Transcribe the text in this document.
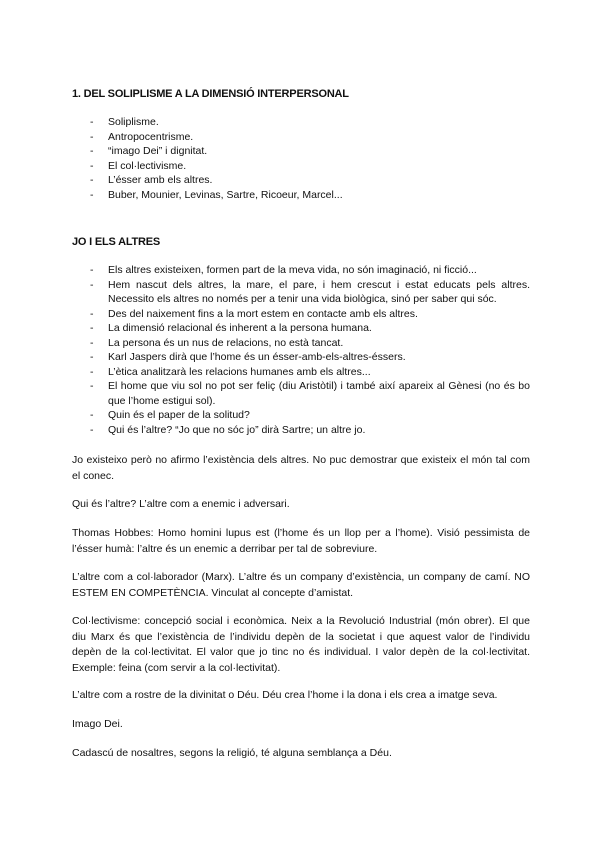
1. DEL SOLIPLISME A LA DIMENSIÓ INTERPERSONAL
- Soliplisme.
- Antropocentrisme.
- “imago Dei” i dignitat.
- El col·lectivisme.
- L’ésser amb els altres.
- Buber, Mounier, Levinas, Sartre, Ricoeur, Marcel...
JO I ELS ALTRES
- Els altres existeixen, formen part de la meva vida, no són imaginació, ni ficció...
- Hem nascut dels altres, la mare, el pare, i hem crescut i estat educats pels altres. Necessito els altres no només per a tenir una vida biològica, sinó per saber qui sóc.
- Des del naixement fins a la mort estem en contacte amb els altres.
- La dimensió relacional és inherent a la persona humana.
- La persona és un nus de relacions, no està tancat.
- Karl Jaspers dirà que l’home és un ésser-amb-els-altres-éssers.
- L’ètica analitzarà les relacions humanes amb els altres...
- El home que viu sol no pot ser feliç (diu Aristòtil) i també així apareix al Gènesi (no és bo que l’home estigui sol).
- Quin és el paper de la solitud?
- Qui és l’altre? “Jo que no sóc jo” dirà Sartre; un altre jo.

Jo existeixo però no afirmo l’existència dels altres. No puc demostrar que existeix el món tal com el conec.

Qui és l’altre? L’altre com a enemic i adversari.

Thomas Hobbes: Homo homini lupus est (l’home és un llop per a l’home). Visió pessimista de l’ésser humà: l’altre és un enemic a derribar per tal de sobreviure.

L’altre com a col·laborador (Marx). L’altre és un company d’existència, un company de camí. NO ESTEM EN COMPETÈNCIA. Vinculat al concepte d’amistat.

Col·lectivisme: concepció social i econòmica. Neix a la Revolució Industrial (món obrer). El que diu Marx és que l’existència de l’individu depèn de la societat i que aquest valor de l’individu depèn de la col·lectivitat. El valor que jo tinc no és individual. I valor depèn de la col·lectivitat. Exemple: feina (com servir a la col·lectivitat).

L’altre com a rostre de la divinitat o Déu. Déu crea l’home i la dona i els crea a imatge seva.

Imago Dei.

Cadascú de nosaltres, segons la religió, té alguna semblança a Déu.
